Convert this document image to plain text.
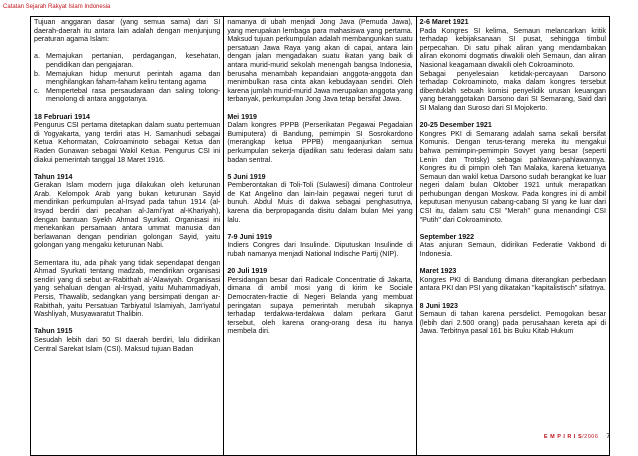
Catatan Sejarah Rakyat Islam Indonesia

Tujuan anggaran dasar (yang semua sama) dari SI daerah-daerah itu antara lain adalah dengan menjunjung peraturan agama Islam:

a. Memajukan pertanian, perdagangan, kesehatan, pendidikan dan pengajaran.
b. Memajukan hidup menurut perintah agama dan menghilangkan faham-faham keliru tentang agama
c. Mempertebal rasa persaudaraan dan saling tolong-menolong di antara anggotanya.
18 Februari 1914

Pengurus CSI pertama ditetapkan dalam suatu pertemuan di Yogyakarta, yang terdiri atas H. Samanhudi sebagai Ketua Kehormatan, Cokroaminoto sebagai Ketua dan Raden Gunawan sebagai Wakil Ketua. Pengurus CSI ini diakui pemerintah tanggal 18 Maret 1916.

Tahun 1914

Gerakan Islam modern juga dilakukan oleh keturunan Arab. Kelompok Arab yang bukan keturunan Sayid mendirikan perkumpulan al-Irsyad pada tahun 1914 (al-Irsyad berdiri dari pecahan al-Jami'iyat al-Khariyah), dengan bantuan Syekh Ahmad Syurkati. Organisasi ini menekankan persamaan antara ummat manusia dan berlawanan dengan pendirian golongan Sayid, yaitu golongan yang mengaku keturunan Nabi.

Sementara itu, ada pihak yang tidak sependapat dengan Ahmad Syurkati tentang madzab, mendirikan organisasi sendiri yang di sebut ar-Rabithah al-'Alawiyah. Organisasi yang sehaluan dengan al-Irsyad, yaitu Muhammadiyah, Persis, Thawalib, sedangkan yang bersimpati dengan ar-Rabithah, yaitu Persatuan Tarbiyatul Islamiyah, Jam'iyatul Washliyah, Musyawaratut Thalibin.

Tahun 1915

Sesudah lebih dari 50 SI daerah berdiri, lalu didirikan Central Sarekat Islam (CSI). Maksud tujuan Badan

namanya di ubah menjadi Jong Java (Pemuda Jawa), yang merupakan lembaga para mahasiswa yang pertama. Maksud tujuan perkumpulan adalah membangunkan suatu persatuan Jawa Raya yang akan di capai, antara lain dengan jalan mengadakan suatu ikatan yang baik di antara murid-murid sekolah menengah bangsa Indonesia, berusaha menambah kepandaian anggota-anggota dan menimbulkan rasa cinta akan kebudayaan sendiri. Oleh karena jumlah murid-murid Jawa merupakan anggota yang terbanyak, perkumpulan Jong Java tetap bersifat Jawa.

Mei 1919

Dalam kongres PPPB (Perserikatan Pegawai Pegadaian Bumiputera) di Bandung, pemimpin SI Sosrokardono (merangkap ketua PPPB) mengaanjurkan semua perkumpulan sekerja dijadikan satu federasi dalam satu badan sentral.

5 Juni 1919

Pemberontakan di Toli-Toli (Sulawesi) dimana Controleur de Kat Angelino dan lain-lain pegawai negeri turut di bunuh. Abdul Muis di dakwa sebagai penghasutnya, karena dia berpropaganda disitu dalam bulan Mei yang lalu.

7-9 Juni 1919

Indiers Congres dari Insulinde. Diputuskan Insulinde di rubah namanya menjadi National Indische Partij (NIP).

20 Juli 1919

Persidangan besar dari Radicale Concentratie di Jakarta, dimana di ambil mosi yang di kirim ke Sociale Democraten-fractie di Negeri Belanda yang membuat peringatan supaya pemerintah merubah sikapnya terhadap terdakwa-terdakwa dalam perkara Garut tersebut, oleh karena orang-orang desa itu hanya membela diri.

2-6 Maret 1921

Pada Kongres SI kelima, Semaun melancarkan kritik terhadap kebijaksanaan SI pusat, sehingga timbul perpecahan. Di satu pihak aliran yang mendambakan aliran ekonomi dogmatis diwakili oleh Semaun, dan aliran Nasional keagamaan diwakili oleh Cokroaminoto.

Sebagai penyelesaian ketidak-percayaan Darsono terhadap Cokroaminoto, maka dalam kongres tersebut dibentuklah sebuah komisi penyelidik urusan keuangan yang beranggotakan Darsono dari SI Semarang, Said dari SI Malang dan Suroso dari SI Mojokerto.

20-25 Desember 1921

Kongres PKI di Semarang adalah sama sekali bersifat Komunis. Dengan terus-terang mereka itu mengakui bahwa pemimpin-pemimpin Sovyet yang besar (seperti Lenin dan Trotsky) sebagai pahlawan-pahlawannya. Kongres itu di pimpin oleh Tan Malaka, karena ketuanya Semaun dan wakil ketua Darsono sudah berangkat ke luar negeri dalam bulan Oktober 1921 untuk merapatkan perhubungan dengan Moskow. Pada kongres ini di ambil keputusan menyusun cabang-cabang SI yang ke luar dari CSI itu, dalam satu CSI "Merah" guna menandingi CSI "Putih" dari Cokroaminoto.

September 1922

Atas anjuran Semaun, didirikan Federatie Vakbond di Indonesia.

Maret 1923

Kongres PKI di Bandung dimana diterangkan perbedaan antara PKI dan PSI yang dikatakan "kapitalistisch" sifatnya.

8 Juni 1923

Semaun di tahan karena persdelict. Pemogokan besar (lebih dari 2.500 orang) pada perusahaan kereta api di Jawa. Terbitnya pasal 161 bis Buku Kitab Hukum

E M P I R I S/2006 7
